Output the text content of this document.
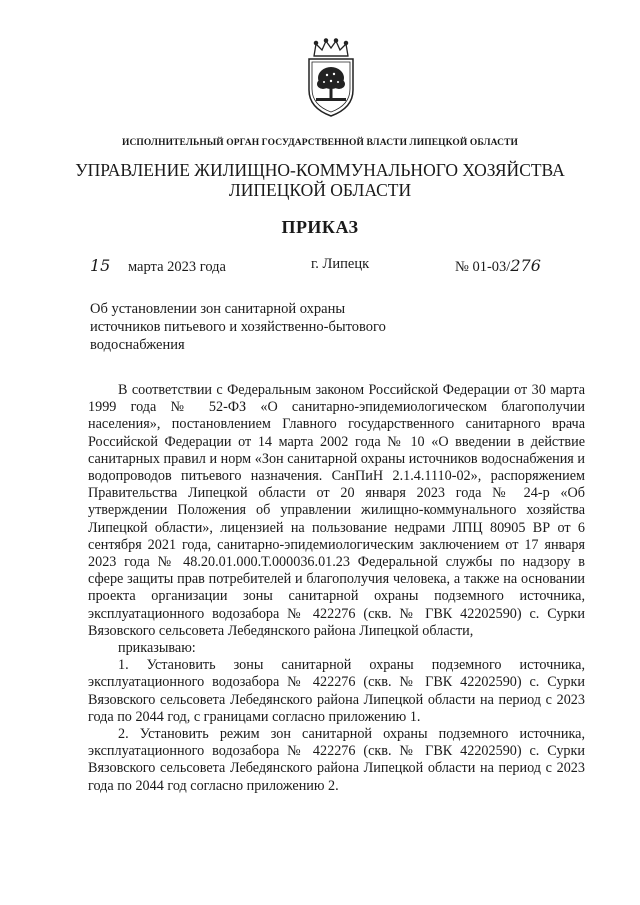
ИСПОЛНИТЕЛЬНЫЙ ОРГАН ГОСУДАРСТВЕННОЙ ВЛАСТИ ЛИПЕЦКОЙ ОБЛАСТИ
УПРАВЛЕНИЕ ЖИЛИЩНО-КОММУНАЛЬНОГО ХОЗЯЙСТВА
ЛИПЕЦКОЙ ОБЛАСТИ
ПРИКАЗ
15 марта 2023 года	г. Липецк	№ 01-03/276
Об установлении зон санитарной охраны
источников питьевого и хозяйственно-бытового
водоснабжения

В соответствии с Федеральным законом Российской Федерации от 30 марта 1999 года № 52-ФЗ «О санитарно-эпидемиологическом благополучии населения», постановлением Главного государственного санитарного врача Российской Федерации от 14 марта 2002 года № 10 «О введении в действие санитарных правил и норм «Зон санитарной охраны источников водоснабжения и водопроводов питьевого назначения. СанПиН 2.1.4.1110-02», распоряжением Правительства Липецкой области от 20 января 2023 года № 24-р «Об утверждении Положения об управлении жилищно-коммунального хозяйства Липецкой области», лицензией на пользование недрами ЛПЦ 80905 ВР от 6 сентября 2021 года, санитарно-эпидемиологическим заключением от 17 января 2023 года № 48.20.01.000.Т.000036.01.23 Федеральной службы по надзору в сфере защиты прав потребителей и благополучия человека, а также на основании проекта организации зоны санитарной охраны подземного источника, эксплуатационного водозабора № 422276 (скв. № ГВК 42202590) с. Сурки Вязовского сельсовета Лебедянского района Липецкой области,

приказываю:

1. Установить зоны санитарной охраны подземного источника, эксплуатационного водозабора № 422276 (скв. № ГВК 42202590) с. Сурки Вязовского сельсовета Лебедянского района Липецкой области на период с 2023 года по 2044 год, с границами согласно приложению 1.

2. Установить режим зон санитарной охраны подземного источника, эксплуатационного водозабора № 422276 (скв. № ГВК 42202590) с. Сурки Вязовского сельсовета Лебедянского района Липецкой области на период с 2023 года по 2044 год согласно приложению 2.
